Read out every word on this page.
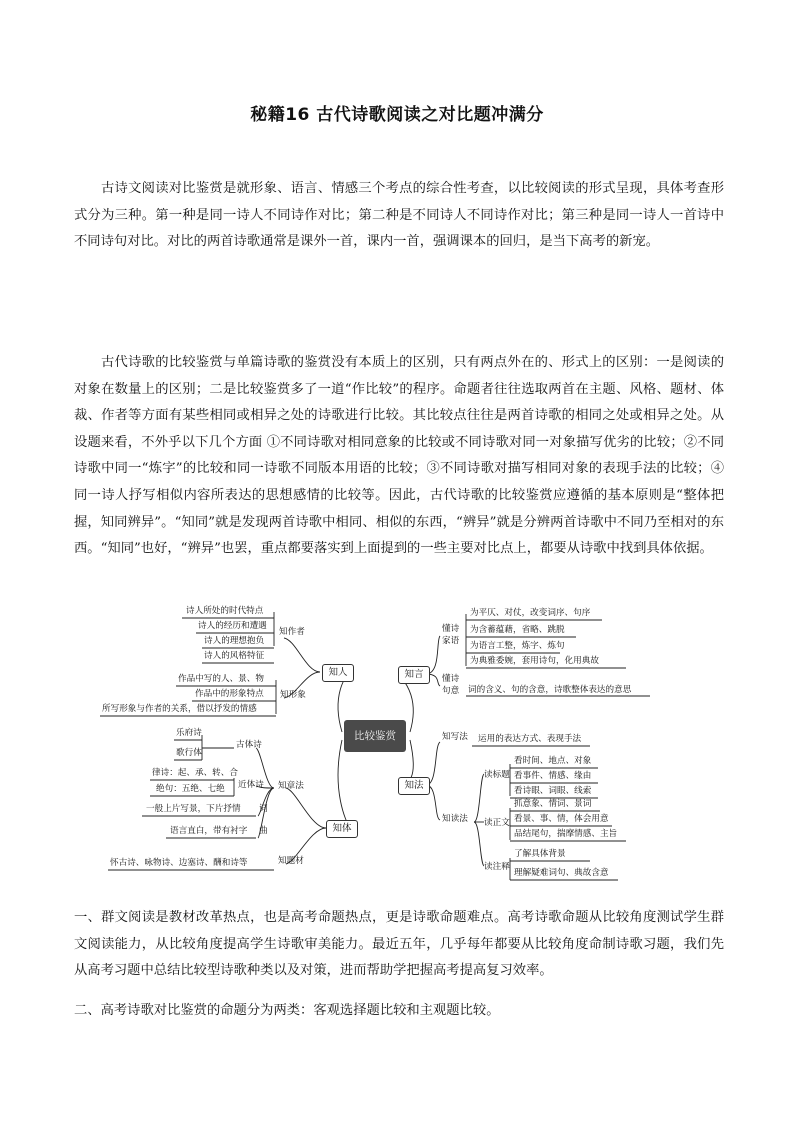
秘籍16 古代诗歌阅读之对比题冲满分

古诗文阅读对比鉴赏是就形象、语言、情感三个考点的综合性考查，以比较阅读的形式呈现，具体考查形式分为三种。第一种是同一诗人不同诗作对比；第二种是不同诗人不同诗作对比；第三种是同一诗人一首诗中不同诗句对比。对比的两首诗歌通常是课外一首，课内一首，强调课本的回归，是当下高考的新宠。

古代诗歌的比较鉴赏与单篇诗歌的鉴赏没有本质上的区别，只有两点外在的、形式上的区别：一是阅读的对象在数量上的区别；二是比较鉴赏多了一道“作比较”的程序。命题者往往选取两首在主题、风格、题材、体裁、作者等方面有某些相同或相异之处的诗歌进行比较。其比较点往往是两首诗歌的相同之处或相异之处。从设题来看，不外乎以下几个方面 ①不同诗歌对相同意象的比较或不同诗歌对同一对象描写优劣的比较；②不同诗歌中同一“炼字”的比较和同一诗歌不同版本用语的比较；③不同诗歌对描写相同对象的表现手法的比较；④同一诗人抒写相似内容所表达的思想感情的比较等。因此，古代诗歌的比较鉴赏应遵循的基本原则是“整体把握，知同辨异”。“知同”就是发现两首诗歌中相同、相似的东西，“辨异”就是分辨两首诗歌中不同乃至相对的东西。“知同”也好，“辨异”也罢，重点都要落实到上面提到的一些主要对比点上，都要从诗歌中找到具体依据。

比较鉴赏
知人
知作者
诗人所处的时代特点
诗人的经历和遭遇
诗人的理想抱负
诗人的风格特征
知形象
作品中写的人、景、物
作品中的形象特点
所写形象与作者的关系，借以抒发的情感
知体
知章法
古体诗
乐府诗
歌行体
近体诗
律诗：起、承、转、合
绝句：五绝、七绝
词
一般上片写景，下片抒情
曲
语言直白，带有衬字
知题材
怀古诗、咏物诗、边塞诗、酬和诗等
知言
懂诗
家语
为平仄、对仗，改变词序、句序
为含蓄蕴藉，省略、跳脱
为语言工整，炼字、炼句
为典雅委婉，套用诗句，化用典故
懂诗
句意 词的含义、句的含意，诗歌整体表达的意思
知法
知写法 运用的表达方式、表现手法
知读法
读标题
看时间、地点、对象
看事件、情感、缘由
看诗眼、词眼、线索
读正文
抓意象、情词、景词
看景、事、情，体会用意
品结尾句，揣摩情感、主旨
读注释
了解具体背景
理解疑难词句、典故含意

一、群文阅读是教材改革热点，也是高考命题热点，更是诗歌命题难点。高考诗歌命题从比较角度测试学生群文阅读能力，从比较角度提高学生诗歌审美能力。最近五年，几乎每年都要从比较角度命制诗歌习题，我们先从高考习题中总结比较型诗歌种类以及对策，进而帮助学把握高考提高复习效率。

二、高考诗歌对比鉴赏的命题分为两类：客观选择题比较和主观题比较。
